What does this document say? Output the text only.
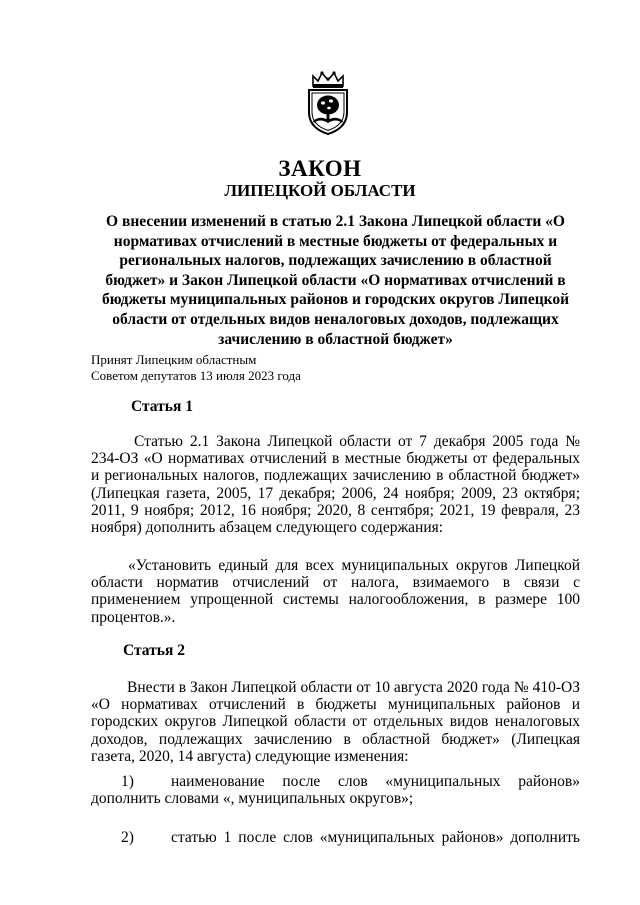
ЗАКОН
ЛИПЕЦКОЙ ОБЛАСТИ
О внесении изменений в статью 2.1 Закона Липецкой области «О нормативах отчислений в местные бюджеты от федеральных и региональных налогов, подлежащих зачислению в областной бюджет» и Закон Липецкой области «О нормативах отчислений в бюджеты муниципальных районов и городских округов Липецкой области от отдельных видов неналоговых доходов, подлежащих зачислению в областной бюджет»
Принят Липецким областным
Советом депутатов 13 июля 2023 года
Статья 1
Статью 2.1 Закона Липецкой области от 7 декабря 2005 года № 234-ОЗ «О нормативах отчислений в местные бюджеты от федеральных и региональных налогов, подлежащих зачислению в областной бюджет» (Липецкая газета, 2005, 17 декабря; 2006, 24 ноября; 2009, 23 октября; 2011, 9 ноября; 2012, 16 ноября; 2020, 8 сентября; 2021, 19 февраля, 23 ноября) дополнить абзацем следующего содержания:
«Установить единый для всех муниципальных округов Липецкой области норматив отчислений от налога, взимаемого в связи с применением упрощенной системы налогообложения, в размере 100 процентов.».
Статья 2
Внести в Закон Липецкой области от 10 августа 2020 года № 410-ОЗ «О нормативах отчислений в бюджеты муниципальных районов и городских округов Липецкой области от отдельных видов неналоговых доходов, подлежащих зачислению в областной бюджет» (Липецкая газета, 2020, 14 августа) следующие изменения:
1)	наименование после слов «муниципальных районов»
дополнить словами «, муниципальных округов»;
2)	статью 1 после слов «муниципальных районов» дополнить
